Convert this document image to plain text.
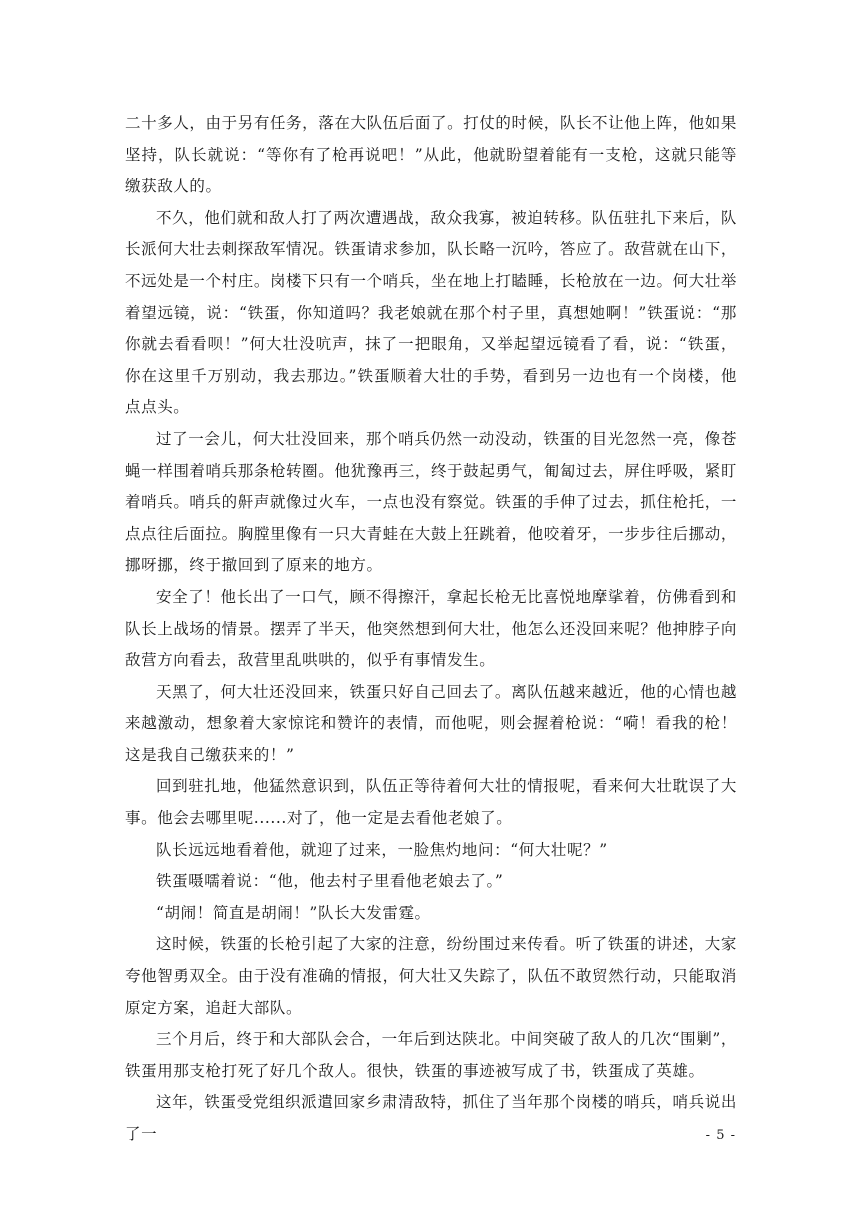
二十多人，由于另有任务，落在大队伍后面了。打仗的时候，队长不让他上阵，他如果坚持，队长就说：“等你有了枪再说吧！”从此，他就盼望着能有一支枪，这就只能等缴获敌人的。

不久，他们就和敌人打了两次遭遇战，敌众我寡，被迫转移。队伍驻扎下来后，队长派何大壮去刺探敌军情况。铁蛋请求参加，队长略一沉吟，答应了。敌营就在山下，不远处是一个村庄。岗楼下只有一个哨兵，坐在地上打瞌睡，长枪放在一边。何大壮举着望远镜，说：“铁蛋，你知道吗？我老娘就在那个村子里，真想她啊！”铁蛋说：“那你就去看看呗！”何大壮没吭声，抹了一把眼角，又举起望远镜看了看，说：“铁蛋，你在这里千万别动，我去那边。”铁蛋顺着大壮的手势，看到另一边也有一个岗楼，他点点头。

过了一会儿，何大壮没回来，那个哨兵仍然一动没动，铁蛋的目光忽然一亮，像苍蝇一样围着哨兵那条枪转圈。他犹豫再三，终于鼓起勇气，匍匐过去，屏住呼吸，紧盯着哨兵。哨兵的鼾声就像过火车，一点也没有察觉。铁蛋的手伸了过去，抓住枪托，一点点往后面拉。胸膛里像有一只大青蛙在大鼓上狂跳着，他咬着牙，一步步往后挪动，挪呀挪，终于撤回到了原来的地方。

安全了！他长出了一口气，顾不得擦汗，拿起长枪无比喜悦地摩挲着，仿佛看到和队长上战场的情景。摆弄了半天，他突然想到何大壮，他怎么还没回来呢？他抻脖子向敌营方向看去，敌营里乱哄哄的，似乎有事情发生。

天黑了，何大壮还没回来，铁蛋只好自己回去了。离队伍越来越近，他的心情也越来越激动，想象着大家惊诧和赞许的表情，而他呢，则会握着枪说：“嗬！看我的枪！这是我自己缴获来的！”

回到驻扎地，他猛然意识到，队伍正等待着何大壮的情报呢，看来何大壮耽误了大事。他会去哪里呢......对了，他一定是去看他老娘了。

队长远远地看着他，就迎了过来，一脸焦灼地问：“何大壮呢？”

铁蛋嗫嚅着说：“他，他去村子里看他老娘去了。”

“胡闹！简直是胡闹！”队长大发雷霆。

这时候，铁蛋的长枪引起了大家的注意，纷纷围过来传看。听了铁蛋的讲述，大家夸他智勇双全。由于没有准确的情报，何大壮又失踪了，队伍不敢贸然行动，只能取消原定方案，追赶大部队。

三个月后，终于和大部队会合，一年后到达陕北。中间突破了敌人的几次“围剿”，铁蛋用那支枪打死了好几个敌人。很快，铁蛋的事迹被写成了书，铁蛋成了英雄。

这年，铁蛋受党组织派遣回家乡肃清敌特，抓住了当年那个岗楼的哨兵，哨兵说出了一	- 5 -
